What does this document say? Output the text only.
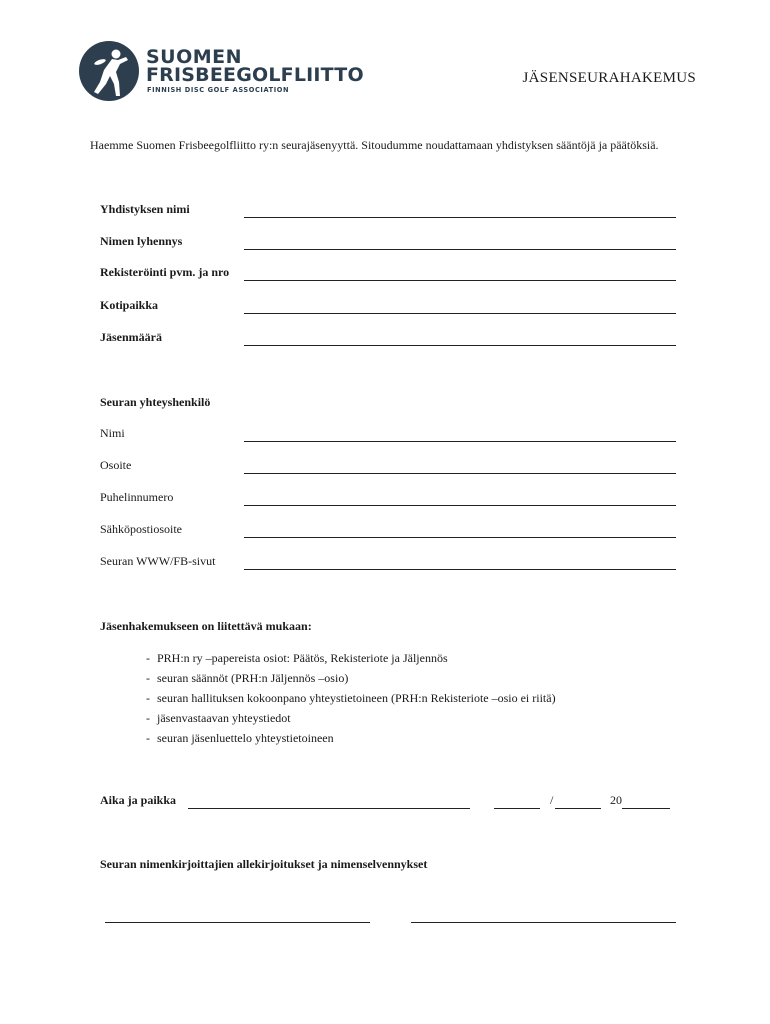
SUOMEN
FRISBEEGOLFLIITTO
FINNISH DISC GOLF ASSOCIATION
JÄSENSEURAHAKEMUS
Haemme Suomen Frisbeegolfliitto ry:n seurajäsenyyttä. Sitoudumme noudattamaan yhdistyksen sääntöjä ja päätöksiä.
Yhdistyksen nimi
Nimen lyhennys
Rekisteröinti pvm. ja nro
Kotipaikka
Jäsenmäärä
Seuran yhteyshenkilö
Nimi
Osoite
Puhelinnumero
Sähköpostiosoite
Seuran WWW/FB-sivut
Jäsenhakemukseen on liitettävä mukaan:
- PRH:n ry –papereista osiot: Päätös, Rekisteriote ja Jäljennös
- seuran säännöt (PRH:n Jäljennös –osio)
- seuran hallituksen kokoonpano yhteystietoineen (PRH:n Rekisteriote –osio ei riitä)
- jäsenvastaavan yhteystiedot
- seuran jäsenluettelo yhteystietoineen
Aika ja paikka	/	20
Seuran nimenkirjoittajien allekirjoitukset ja nimenselvennykset
